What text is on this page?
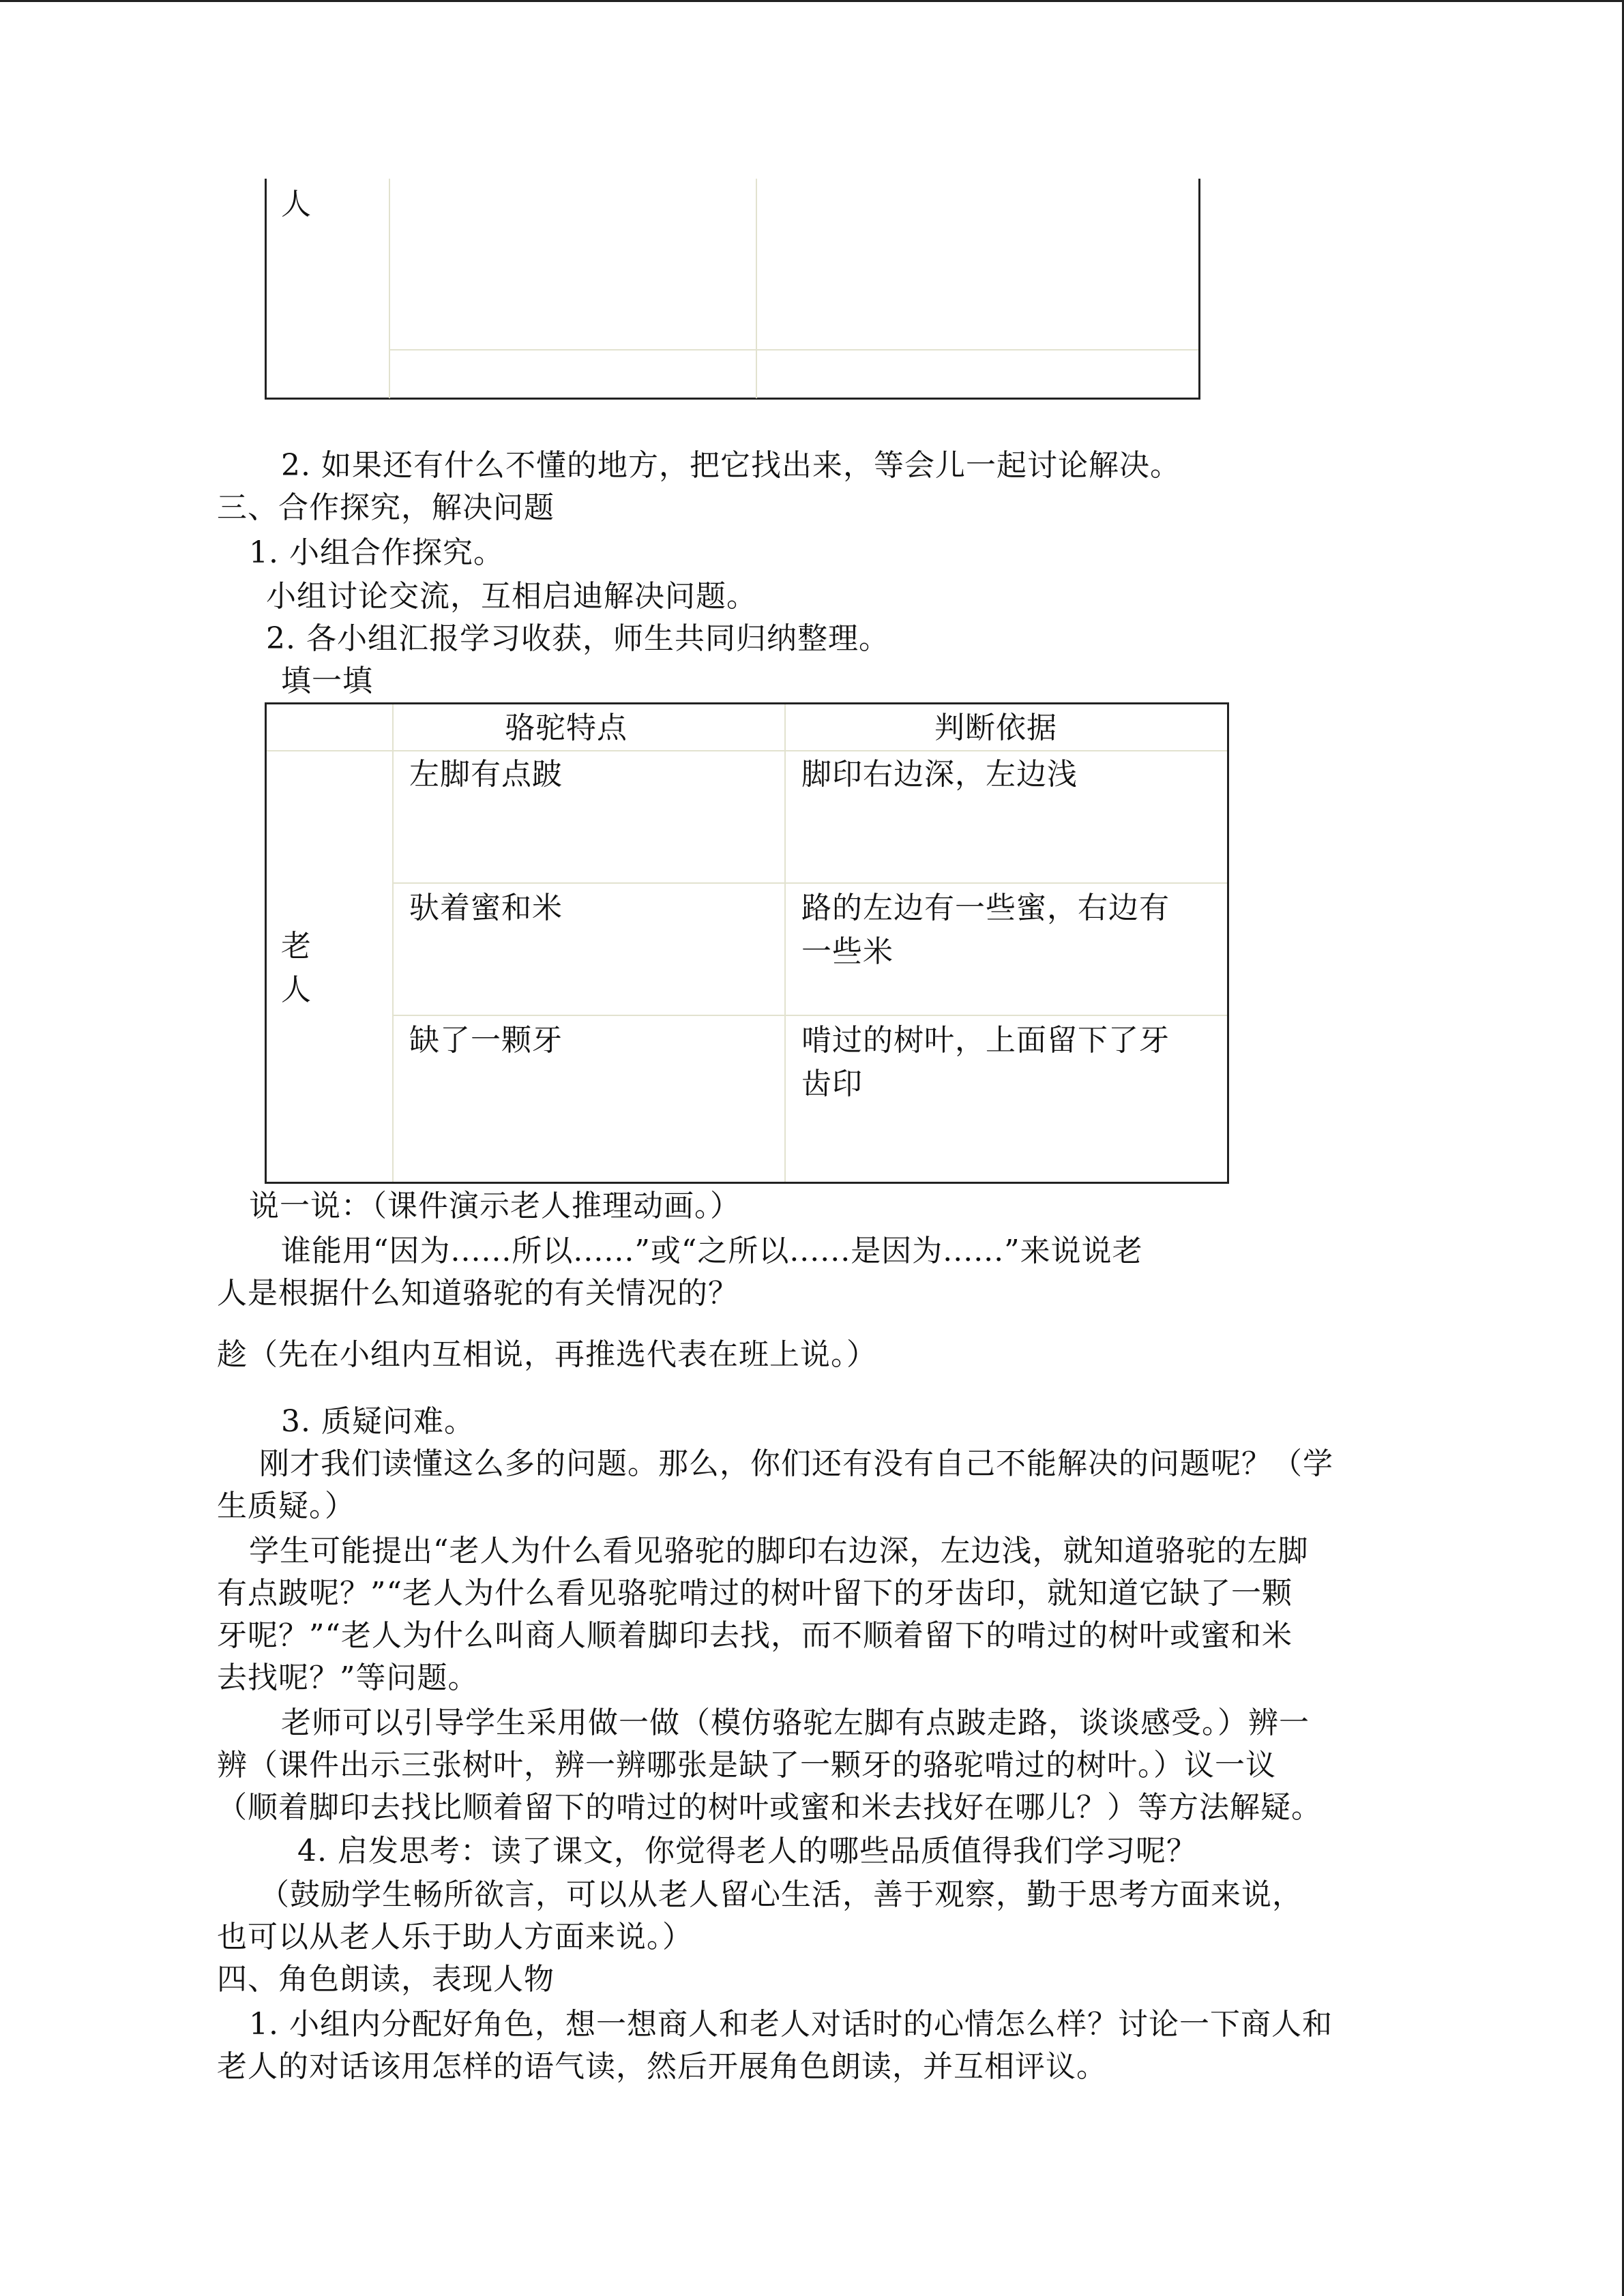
人
2. 如果还有什么不懂的地方，把它找出来，等会儿一起讨论解决。
三、合作探究，解决问题
1. 小组合作探究。
小组讨论交流，互相启迪解决问题。
2. 各小组汇报学习收获，师生共同归纳整理。
填一填
骆驼特点	判断依据
老
人
左脚有点跛	脚印右边深，左边浅
驮着蜜和米	路的左边有一些蜜，右边有
一些米
缺了一颗牙	啃过的树叶，上面留下了牙
齿印
说一说：（课件演示老人推理动画。）
谁能用“因为......所以......”或“之所以......是因为......”来说说老
人是根据什么知道骆驼的有关情况的？
趁（先在小组内互相说，再推选代表在班上说。）
3. 质疑问难。
刚才我们读懂这么多的问题。那么，你们还有没有自己不能解决的问题呢？（学
生质疑。）
学生可能提出“老人为什么看见骆驼的脚印右边深，左边浅，就知道骆驼的左脚
有点跛呢？”“老人为什么看见骆驼啃过的树叶留下的牙齿印，就知道它缺了一颗
牙呢？”“老人为什么叫商人顺着脚印去找，而不顺着留下的啃过的树叶或蜜和米
去找呢？”等问题。
老师可以引导学生采用做一做（模仿骆驼左脚有点跛走路，谈谈感受。）辨一
辨（课件出示三张树叶，辨一辨哪张是缺了一颗牙的骆驼啃过的树叶。）议一议
（顺着脚印去找比顺着留下的啃过的树叶或蜜和米去找好在哪儿？）等方法解疑。
4. 启发思考：读了课文，你觉得老人的哪些品质值得我们学习呢？
（鼓励学生畅所欲言，可以从老人留心生活，善于观察，勤于思考方面来说，
也可以从老人乐于助人方面来说。）
四、角色朗读，表现人物
1. 小组内分配好角色，想一想商人和老人对话时的心情怎么样？讨论一下商人和
老人的对话该用怎样的语气读，然后开展角色朗读，并互相评议。
